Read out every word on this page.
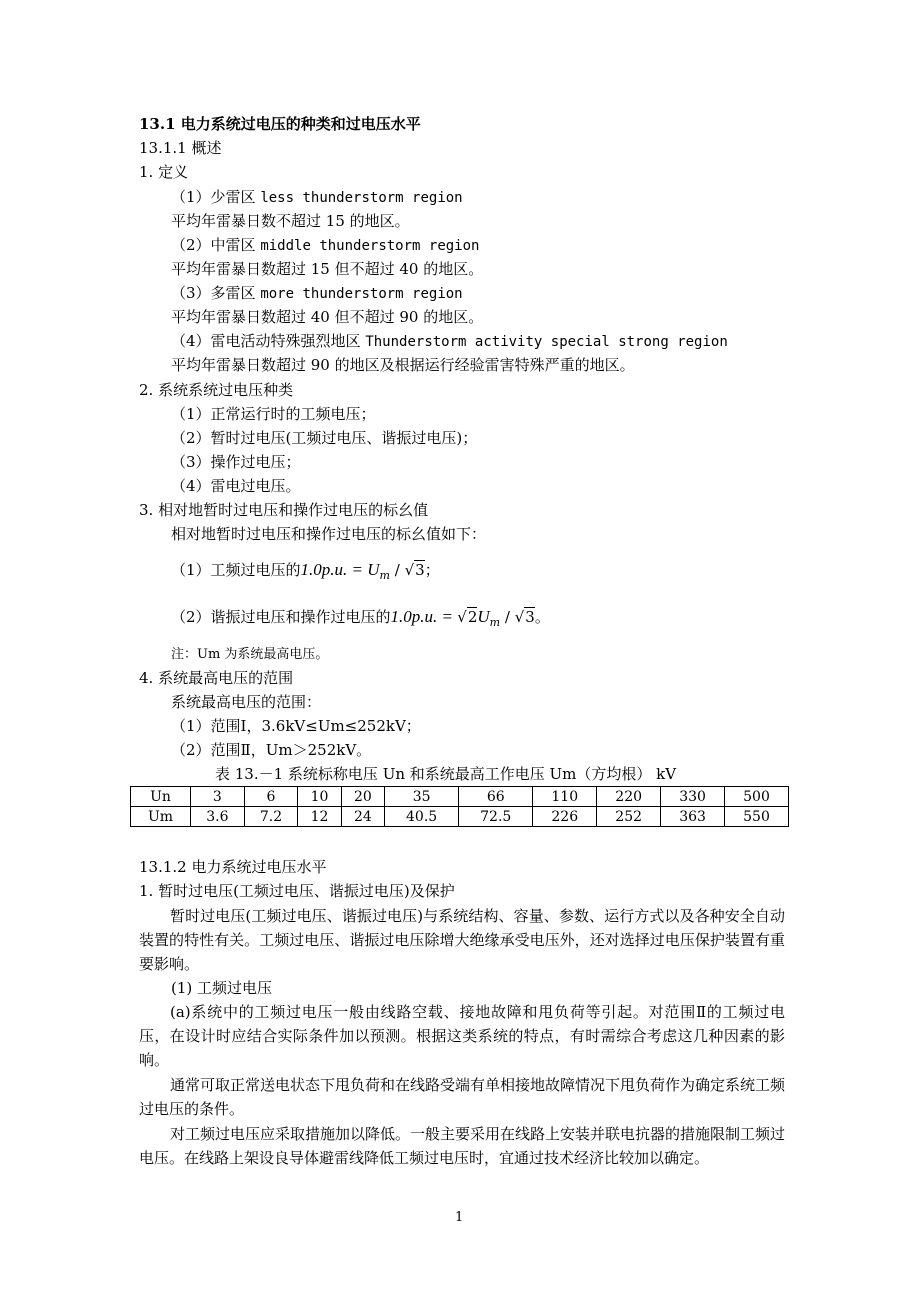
13.1 电力系统过电压的种类和过电压水平
13.1.1 概述
1. 定义
（1）少雷区 less thunderstorm region
平均年雷暴日数不超过 15 的地区。
（2）中雷区 middle thunderstorm region
平均年雷暴日数超过 15 但不超过 40 的地区。
（3）多雷区 more thunderstorm region
平均年雷暴日数超过 40 但不超过 90 的地区。
（4）雷电活动特殊强烈地区 Thunderstorm activity special strong region
平均年雷暴日数超过 90 的地区及根据运行经验雷害特殊严重的地区。
2. 系统系统过电压种类
（1）正常运行时的工频电压；
（2）暂时过电压(工频过电压、谐振过电压)；
（3）操作过电压；
（4）雷电过电压。
3. 相对地暂时过电压和操作过电压的标幺值
相对地暂时过电压和操作过电压的标幺值如下：
（1）工频过电压的1.0p.u. = $U_m / √3$；
（2）谐振过电压和操作过电压的1.0p.u. = $√2U_m / √3$。
注：Um 为系统最高电压。
4. 系统最高电压的范围
系统最高电压的范围：
（1）范围Ⅰ，3.6kV≤Um≤252kV；
（2）范围Ⅱ，Um＞252kV。
表 13.－1 系统标称电压 Un 和系统最高工作电压 Um（方均根） kV
Un	3	6	10	20	35	66	110	220	330	500
Um	3.6	7.2	12	24	40.5	72.5	226	252	363	550
13.1.2 电力系统过电压水平
1. 暂时过电压(工频过电压、谐振过电压)及保护
暂时过电压(工频过电压、谐振过电压)与系统结构、容量、参数、运行方式以及各种安全自动装置的特性有关。工频过电压、谐振过电压除增大绝缘承受电压外，还对选择过电压保护装置有重要影响。
(1) 工频过电压
(a)系统中的工频过电压一般由线路空载、接地故障和甩负荷等引起。对范围Ⅱ的工频过电压，在设计时应结合实际条件加以预测。根据这类系统的特点，有时需综合考虑这几种因素的影响。
通常可取正常送电状态下甩负荷和在线路受端有单相接地故障情况下甩负荷作为确定系统工频过电压的条件。
对工频过电压应采取措施加以降低。一般主要采用在线路上安装并联电抗器的措施限制工频过电压。在线路上架设良导体避雷线降低工频过电压时，宜通过技术经济比较加以确定。
1
